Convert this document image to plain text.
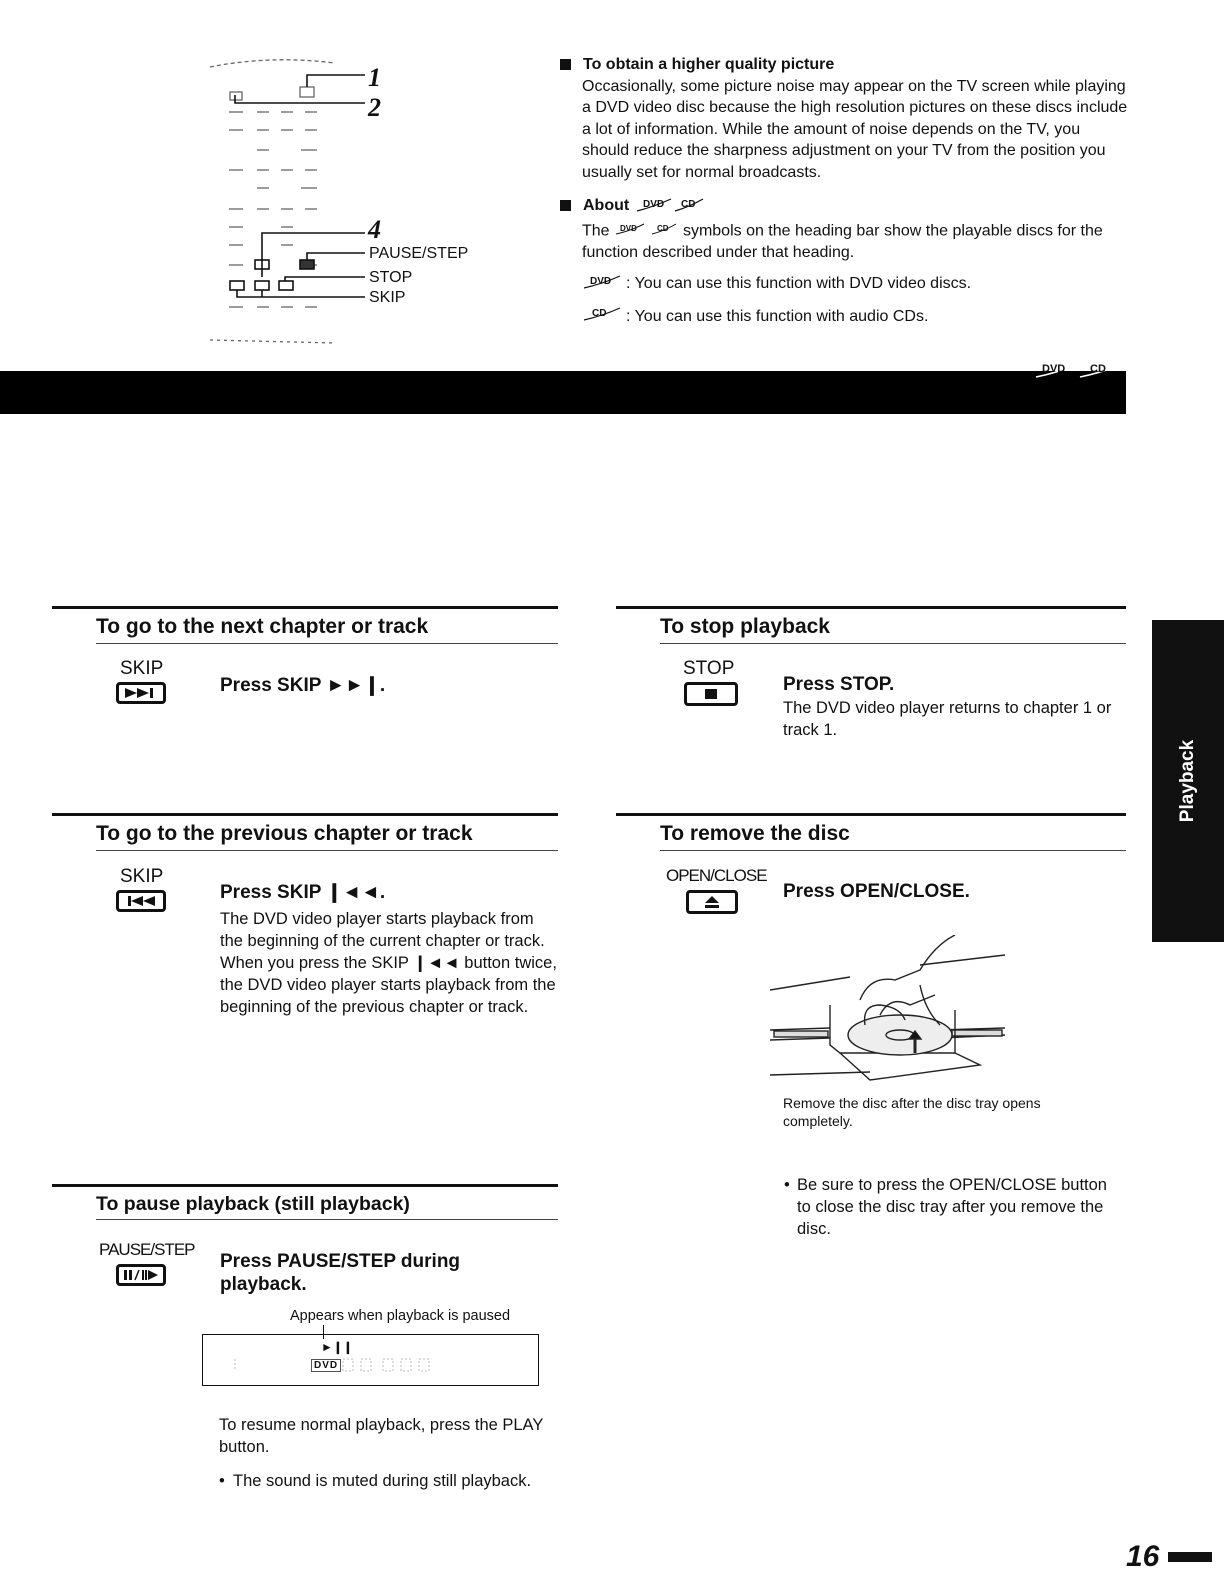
1
2
4
PAUSE/STEP
STOP
SKIP
To obtain a higher quality picture
Occasionally, some picture noise may appear on the TV screen while playing a DVD video disc because the high resolution pictures on these discs include a lot of information. While the amount of noise depends on the TV, you should reduce the sharpness adjustment on your TV from the position you usually set for normal broadcasts.
About DVD CD
The DVD
	CD symbols on the heading bar show the playable discs for the function described under that heading.
DVD : You can use this function with DVD video discs.
CD : You can use this function with audio CDs.
DVD CD
To go to the next chapter or track
SKIP
Press SKIP ►►❙.
To stop playback
STOP
Press STOP.
The DVD video player returns to chapter 1 or track 1.
To go to the previous chapter or track
SKIP
Press SKIP ❙◄◄.
The DVD video player starts playback from the beginning of the current chapter or track.
When you press the SKIP ❙◄◄ button twice, the DVD video player starts playback from the beginning of the previous chapter or track.
To remove the disc
OPEN/CLOSE
Press OPEN/CLOSE.
Remove the disc after the disc tray opens completely.
• Be sure to press the OPEN/CLOSE button to close the disc tray after you remove the disc.
To pause playback (still playback)
PAUSE/STEP
Press PAUSE/STEP during playback.
Appears when playback is paused
►❙❙
DVD
To resume normal playback, press the PLAY button.
• The sound is muted during still playback.
Playback
16
